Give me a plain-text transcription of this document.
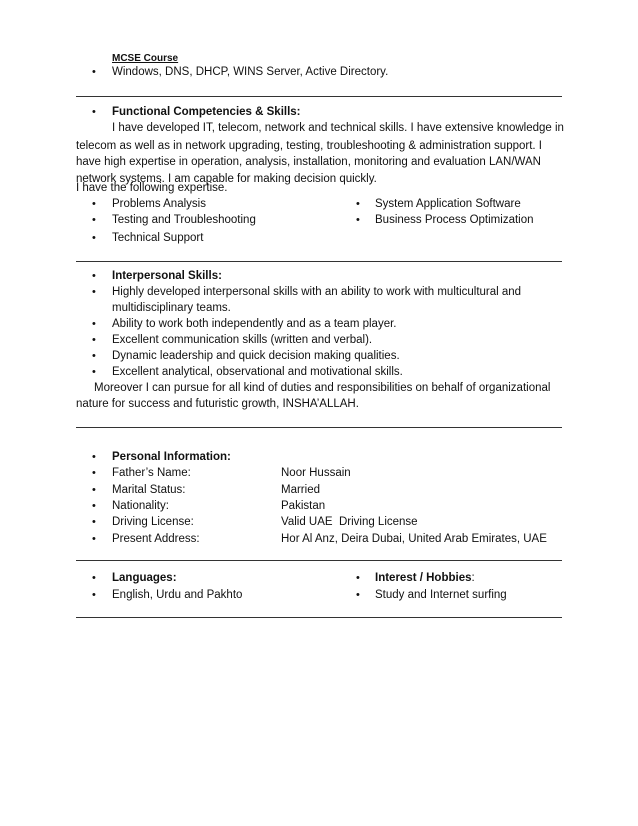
MCSE Course
• Windows, DNS, DHCP, WINS Server, Active Directory.
• Functional Competencies & Skills:
I have developed IT, telecom, network and technical skills. I have extensive knowledge in
telecom as well as in network upgrading, testing, troubleshooting & administration support. I have high expertise in operation, analysis, installation, monitoring and evaluation LAN/WAN network systems. I am capable for making decision quickly.
I have the following expertise.
• Problems Analysis
• Testing and Troubleshooting
• Technical Support
• System Application Software
• Business Process Optimization
• Interpersonal Skills:
• Highly developed interpersonal skills with an ability to work with multicultural and
multidisciplinary teams.
• Ability to work both independently and as a team player.
• Excellent communication skills (written and verbal).
• Dynamic leadership and quick decision making qualities.
• Excellent analytical, observational and motivational skills.
Moreover I can pursue for all kind of duties and responsibilities on behalf of organizational
nature for success and futuristic growth, INSHA’ALLAH.
• Personal Information:
• Father’s Name:	Noor Hussain
• Marital Status:	Married
• Nationality:	Pakistan
• Driving License:	Valid UAE  Driving License
• Present Address:	Hor Al Anz, Deira Dubai, United Arab Emirates, UAE
• Languages:
• English, Urdu and Pakhto
• Interest / Hobbies:
• Study and Internet surfing
